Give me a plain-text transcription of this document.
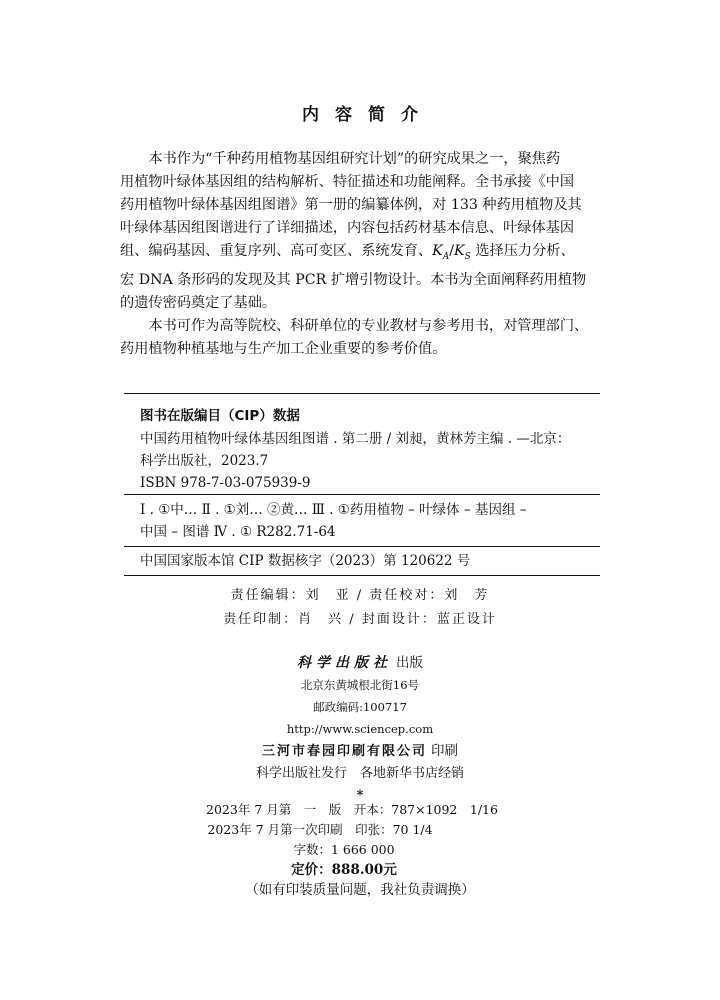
内容简介

本书作为“千种药用植物基因组研究计划”的研究成果之一，聚焦药
用植物叶绿体基因组的结构解析、特征描述和功能阐释。全书承接《中国
药用植物叶绿体基因组图谱》第一册的编纂体例，对 133 种药用植物及其
叶绿体基因组图谱进行了详细描述，内容包括药材基本信息、叶绿体基因
组、编码基因、重复序列、高可变区、系统发育、$K_A/K_S$ 选择压力分析、
宏 DNA 条形码的发现及其 PCR 扩增引物设计。本书为全面阐释药用植物
的遗传密码奠定了基础。

本书可作为高等院校、科研单位的专业教材与参考用书，对管理部门、
药用植物种植基地与生产加工企业重要的参考价值。

图书在版编目（CIP）数据

中国药用植物叶绿体基因组图谱 . 第二册 / 刘昶，黄林芳主编 . —北京：

科学出版社，2023.7

ISBN 978-7-03-075939-9

Ⅰ . ①中… Ⅱ . ①刘… ②黄… Ⅲ . ①药用植物 – 叶绿体 – 基因组 –

中国 – 图谱 Ⅳ . ① R282.71-64

中国国家版本馆 CIP 数据核字（2023）第 120622 号

责任编辑：刘　亚 / 责任校对：刘　芳
责任印制：肖　兴 / 封面设计：蓝正设计
科学出版社 出版
北京东黄城根北街16号
邮政编码:100717
http://www.sciencep.com
三河市春园印刷有限公司 印刷
科学出版社发行　各地新华书店经销
*
2023年 7 月第　一　版　开本：787×1092　1/16
2023年 7 月第一次印刷　印张：70 1/4
字数：1 666 000
定价：888.00元
（如有印装质量问题，我社负责调换）
